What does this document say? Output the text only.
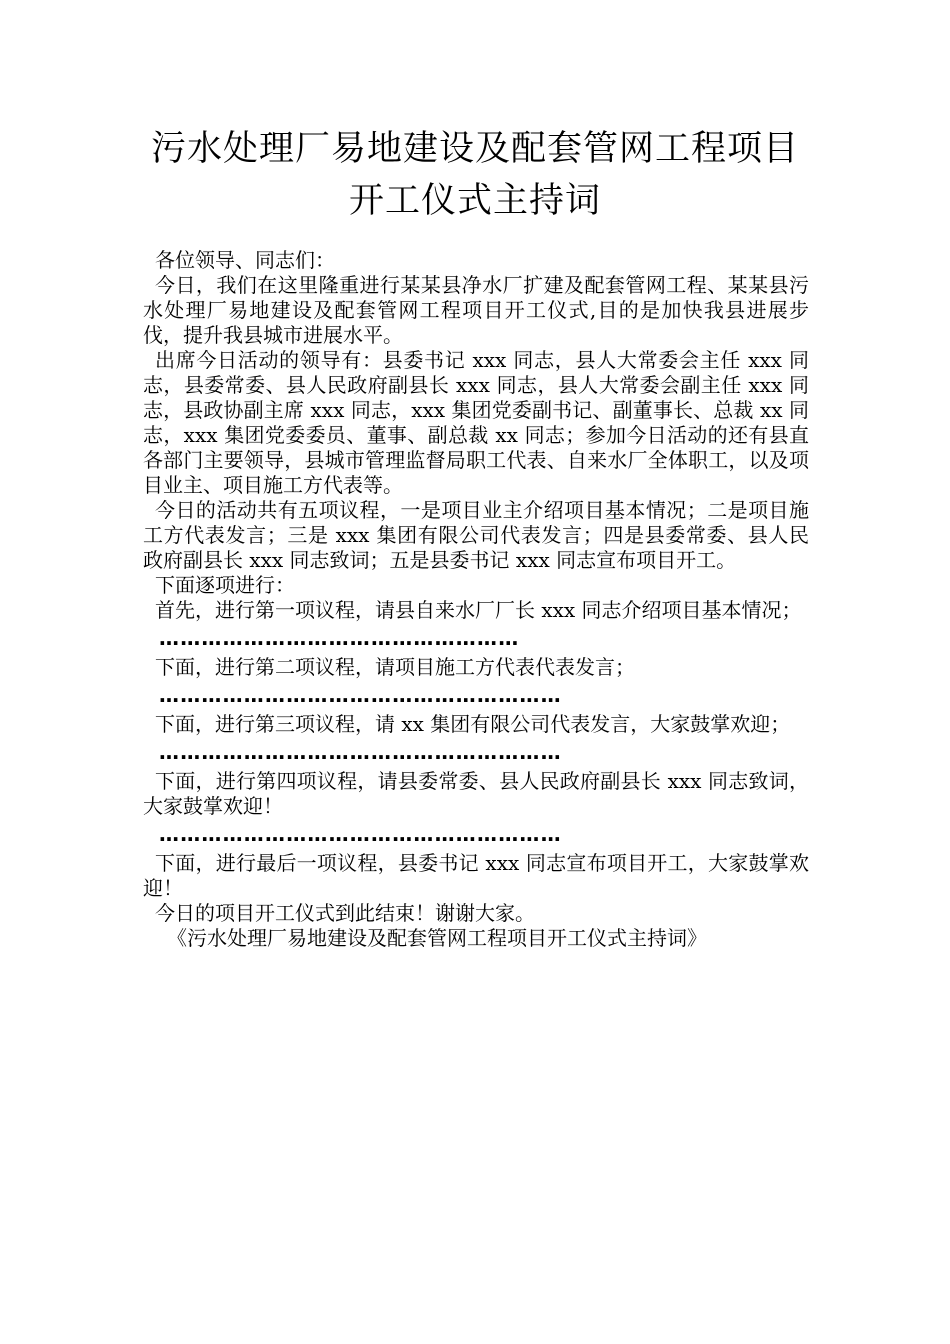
污水处理厂易地建设及配套管网工程项目
开工仪式主持词

各位领导、同志们：

今日，我们在这里隆重进行某某县净水厂扩建及配套管网工程、某某县污水处理厂易地建设及配套管网工程项目开工仪式,目的是加快我县进展步伐，提升我县城市进展水平。

出席今日活动的领导有：县委书记 xxx 同志，县人大常委会主任 xxx 同志，县委常委、县人民政府副县长 xxx 同志，县人大常委会副主任 xxx 同志，县政协副主席 xxx 同志，xxx 集团党委副书记、副董事长、总裁 xx 同志，xxx 集团党委委员、董事、副总裁 xx 同志；参加今日活动的还有县直各部门主要领导，县城市管理监督局职工代表、自来水厂全体职工，以及项目业主、项目施工方代表等。

今日的活动共有五项议程，一是项目业主介绍项目基本情况；二是项目施工方代表发言；三是 xxx 集团有限公司代表发言；四是县委常委、县人民政府副县长 xxx 同志致词；五是县委书记 xxx 同志宣布项目开工。

下面逐项进行：

首先，进行第一项议程，请县自来水厂厂长 xxx 同志介绍项目基本情况；

……………………………………………

下面，进行第二项议程，请项目施工方代表代表发言；

…………………………………………………

下面，进行第三项议程，请 xx 集团有限公司代表发言，大家鼓掌欢迎；

…………………………………………………

下面，进行第四项议程，请县委常委、县人民政府副县长 xxx 同志致词，大家鼓掌欢迎！

…………………………………………………

下面，进行最后一项议程，县委书记 xxx 同志宣布项目开工，大家鼓掌欢迎！

今日的项目开工仪式到此结束！谢谢大家。

《污水处理厂易地建设及配套管网工程项目开工仪式主持词》
